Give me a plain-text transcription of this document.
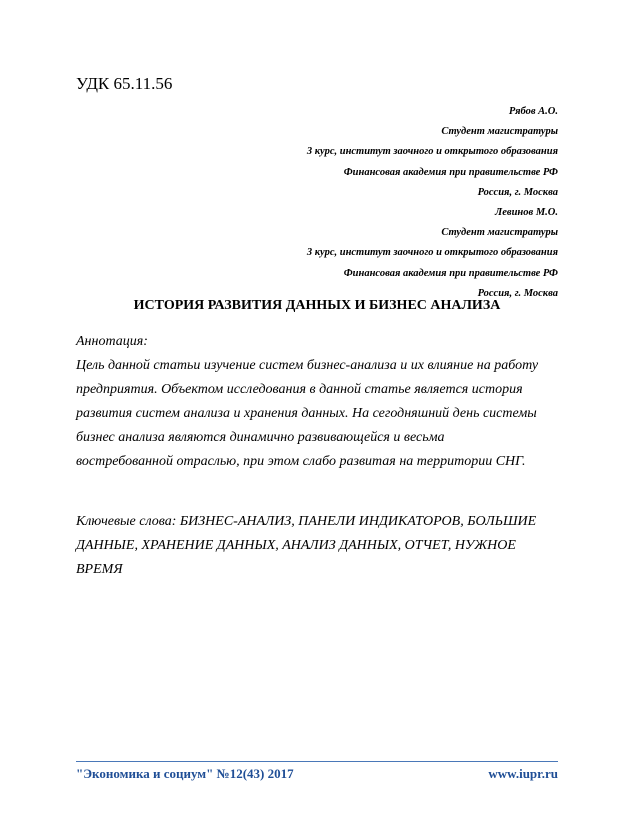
УДК 65.11.56
Рябов А.О.
Студент магистратуры
3 курс, институт заочного и открытого образования
Финансовая академия при правительстве РФ
Россия, г. Москва
Левинов М.О.
Студент магистратуры
3 курс, институт заочного и открытого образования
Финансовая академия при правительстве РФ
Россия, г. Москва
ИСТОРИЯ РАЗВИТИЯ ДАННЫХ И БИЗНЕС АНАЛИЗА
Аннотация:
Цель данной статьи изучение систем бизнес-анализа и их влияние на работу
предприятия. Объектом исследования в данной статье является история
развития систем анализа и хранения данных. На сегодняшний день системы
бизнес анализа являются динамично развивающейся и весьма
востребованной отраслью, при этом слабо развитая на территории СНГ.
Ключевые слова: БИЗНЕС-АНАЛИЗ, ПАНЕЛИ ИНДИКАТОРОВ, БОЛЬШИЕ
ДАННЫЕ, ХРАНЕНИЕ ДАННЫХ, АНАЛИЗ ДАННЫХ, ОТЧЕТ, НУЖНОЕ
ВРЕМЯ
"Экономика и социум" №12(43) 2017	www.iupr.ru
